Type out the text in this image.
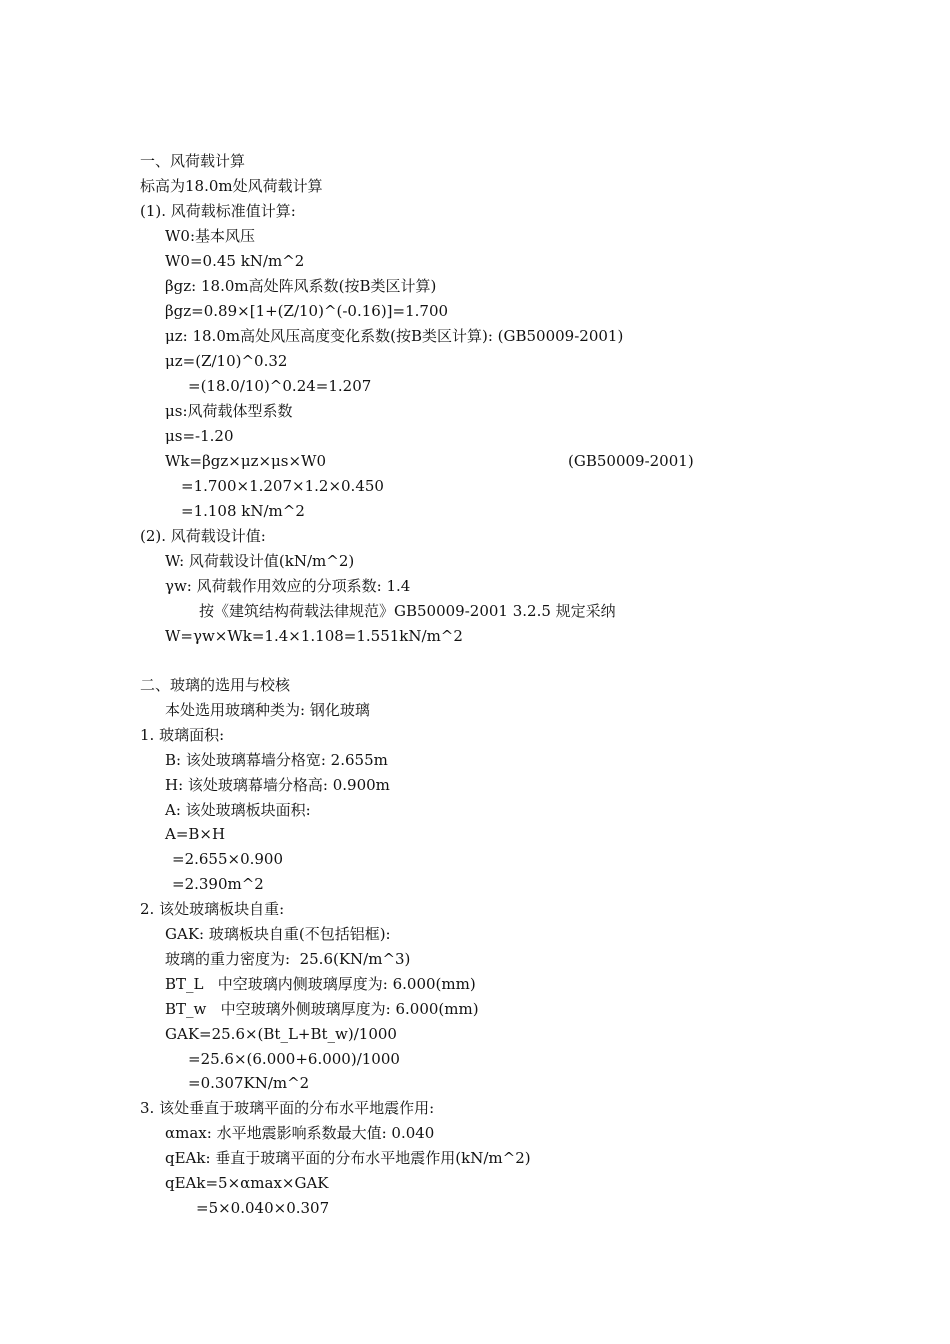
一、风荷载计算
标高为18.0m处风荷载计算
(1). 风荷载标准值计算:
W0:基本风压
W0=0.45 kN/m^2
βgz: 18.0m高处阵风系数(按B类区计算)
βgz=0.89×[1+(Z/10)^(-0.16)]=1.700
μz: 18.0m高处风压高度变化系数(按B类区计算): (GB50009-2001)
μz=(Z/10)^0.32
=(18.0/10)^0.24=1.207
μs:风荷载体型系数
μs=-1.20
Wk=βgz×μz×μs×W0	(GB50009-2001)
=1.700×1.207×1.2×0.450
=1.108 kN/m^2
(2). 风荷载设计值:
W: 风荷载设计值(kN/m^2)
γw: 风荷载作用效应的分项系数: 1.4
按《建筑结构荷载法律规范》GB50009-2001 3.2.5 规定采纳
W=γw×Wk=1.4×1.108=1.551kN/m^2
二、玻璃的选用与校核
本处选用玻璃种类为: 钢化玻璃
1. 玻璃面积:
B: 该处玻璃幕墙分格宽: 2.655m
H: 该处玻璃幕墙分格高: 0.900m
A: 该处玻璃板块面积:
A=B×H
=2.655×0.900
=2.390m^2
2. 该处玻璃板块自重:
GAK: 玻璃板块自重(不包括铝框):
玻璃的重力密度为:  25.6(KN/m^3)
BT_L   中空玻璃内侧玻璃厚度为: 6.000(mm)
BT_w   中空玻璃外侧玻璃厚度为: 6.000(mm)
GAK=25.6×(Bt_L+Bt_w)/1000
=25.6×(6.000+6.000)/1000
=0.307KN/m^2
3. 该处垂直于玻璃平面的分布水平地震作用:
αmax: 水平地震影响系数最大值: 0.040
qEAk: 垂直于玻璃平面的分布水平地震作用(kN/m^2)
qEAk=5×αmax×GAK
=5×0.040×0.307
